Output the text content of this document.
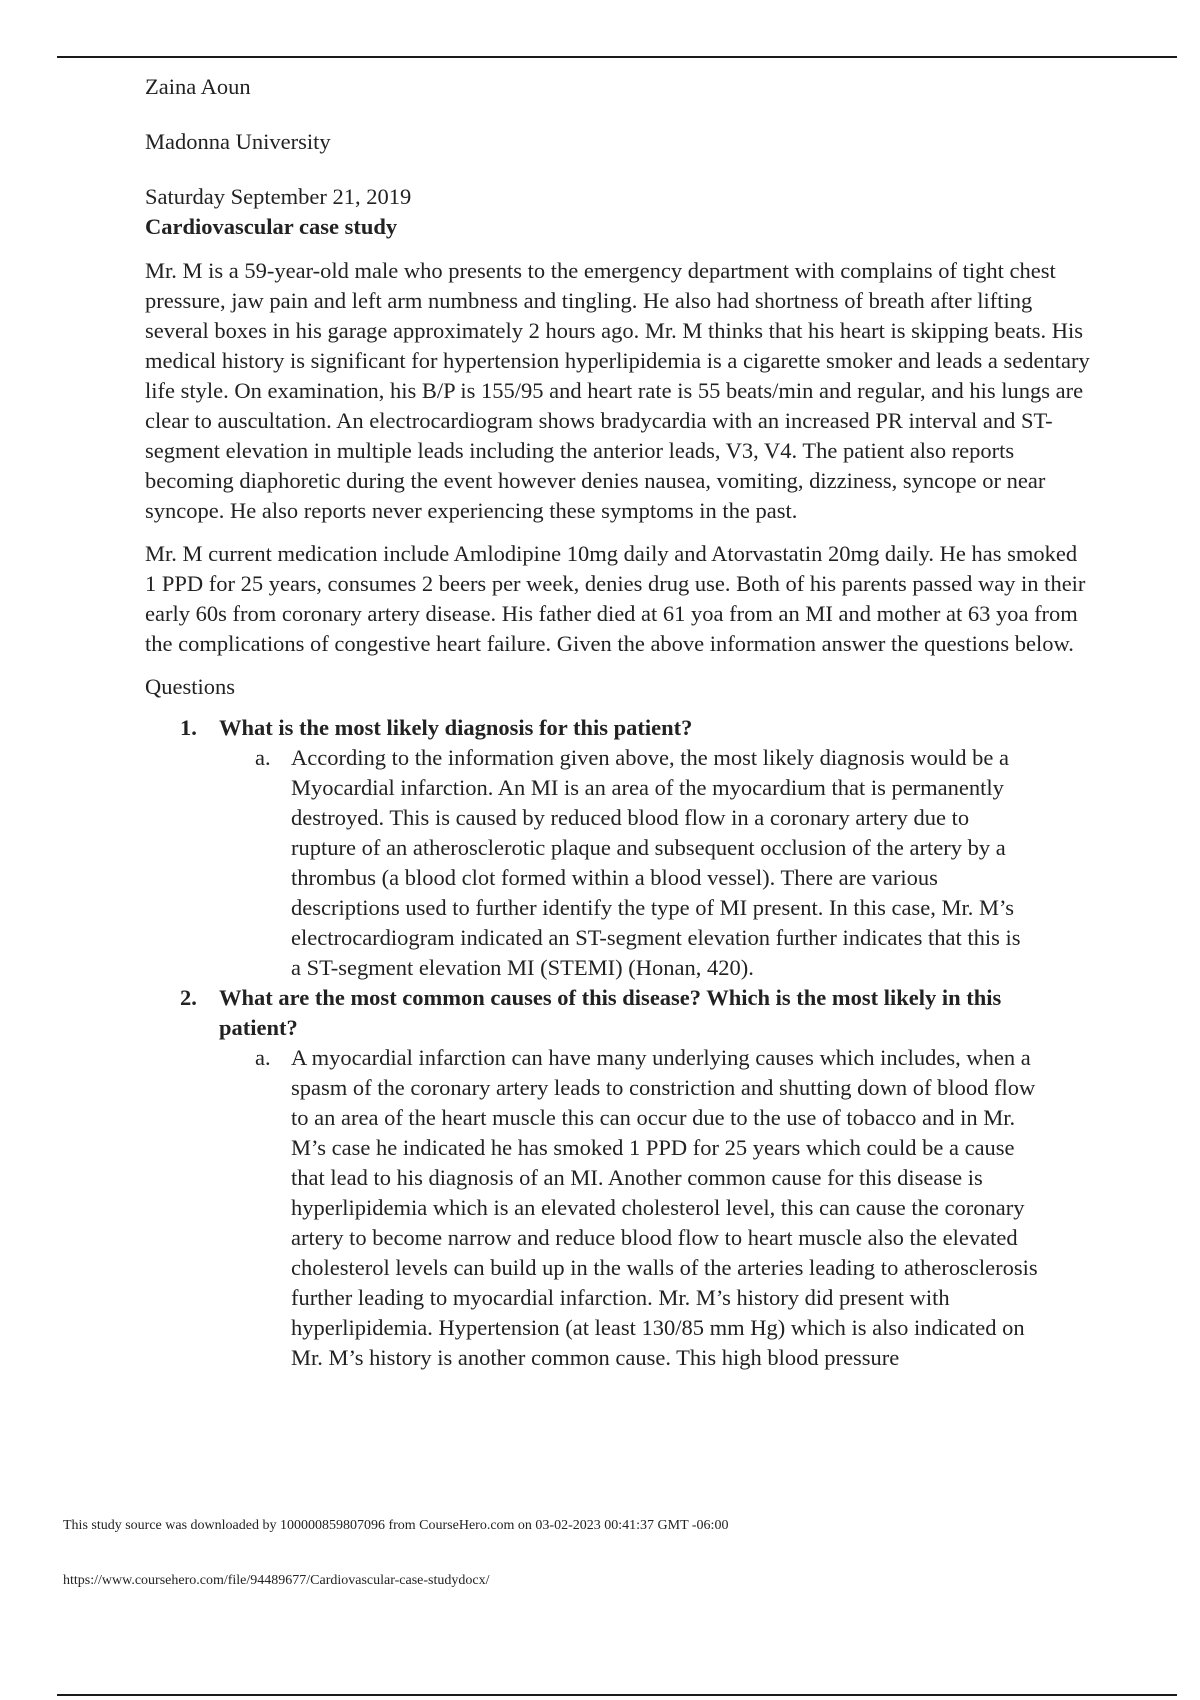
Zaina Aoun

Madonna University

Saturday September 21, 2019

Cardiovascular case study

Mr. M is a 59-year-old male who presents to the emergency department with complains of tight chest pressure, jaw pain and left arm numbness and tingling. He also had shortness of breath after lifting several boxes in his garage approximately 2 hours ago. Mr. M thinks that his heart is skipping beats. His medical history is significant for hypertension hyperlipidemia is a cigarette smoker and leads a sedentary life style. On examination, his B/P is 155/95 and heart rate is 55 beats/min and regular, and his lungs are clear to auscultation. An electrocardiogram shows bradycardia with an increased PR interval and ST-segment elevation in multiple leads including the anterior leads, V3, V4. The patient also reports becoming diaphoretic during the event however denies nausea, vomiting, dizziness, syncope or near syncope. He also reports never experiencing these symptoms in the past.

Mr. M current medication include Amlodipine 10mg daily and Atorvastatin 20mg daily. He has smoked 1 PPD for 25 years, consumes 2 beers per week, denies drug use. Both of his parents passed way in their early 60s from coronary artery disease. His father died at 61 yoa from an MI and mother at 63 yoa from the complications of congestive heart failure. Given the above information answer the questions below.

Questions

1. What is the most likely diagnosis for this patient?

a. According to the information given above, the most likely diagnosis would be a Myocardial infarction. An MI is an area of the myocardium that is permanently destroyed. This is caused by reduced blood flow in a coronary artery due to rupture of an atherosclerotic plaque and subsequent occlusion of the artery by a thrombus (a blood clot formed within a blood vessel). There are various descriptions used to further identify the type of MI present. In this case, Mr. M’s electrocardiogram indicated an ST-segment elevation further indicates that this is a ST-segment elevation MI (STEMI) (Honan, 420).

2. What are the most common causes of this disease? Which is the most likely in this patient?

a. A myocardial infarction can have many underlying causes which includes, when a spasm of the coronary artery leads to constriction and shutting down of blood flow to an area of the heart muscle this can occur due to the use of tobacco and in Mr. M’s case he indicated he has smoked 1 PPD for 25 years which could be a cause that lead to his diagnosis of an MI. Another common cause for this disease is hyperlipidemia which is an elevated cholesterol level, this can cause the coronary artery to become narrow and reduce blood flow to heart muscle also the elevated cholesterol levels can build up in the walls of the arteries leading to atherosclerosis further leading to myocardial infarction. Mr. M’s history did present with hyperlipidemia. Hypertension (at least 130/85 mm Hg) which is also indicated on Mr. M’s history is another common cause. This high blood pressure

This study source was downloaded by 100000859807096 from CourseHero.com on 03-02-2023 00:41:37 GMT -06:00
https://www.coursehero.com/file/94489677/Cardiovascular-case-studydocx/
